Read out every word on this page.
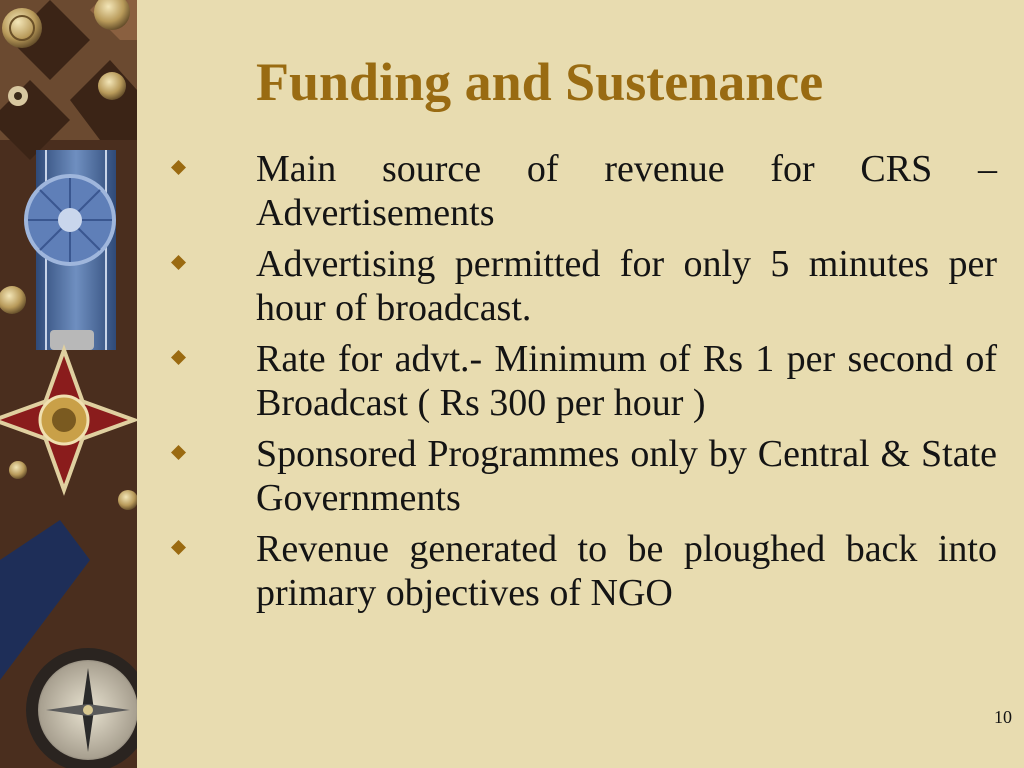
Funding and Sustenance
Main source of revenue for CRS – Advertisements
Advertising permitted for only 5 minutes per hour of broadcast.
Rate for advt.- Minimum of Rs 1 per second of Broadcast ( Rs 300 per hour )
Sponsored Programmes only by Central & State Governments
Revenue generated to be ploughed back into primary objectives of NGO
10
